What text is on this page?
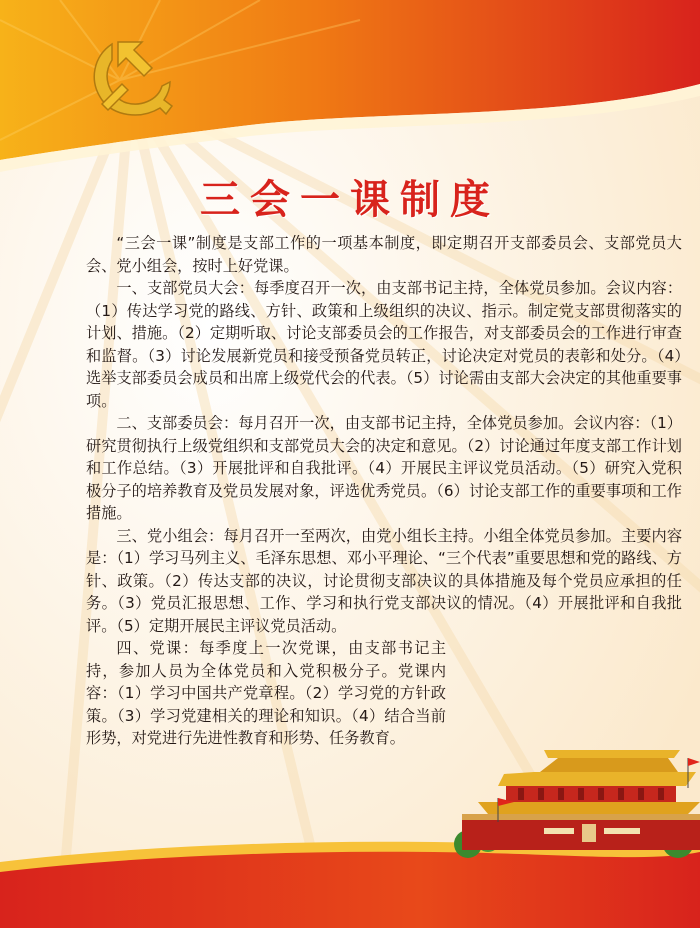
三会一课制度

“三会一课”制度是支部工作的一项基本制度，即定期召开支部委员会、支部党员大会、党小组会，按时上好党课。

一、支部党员大会：每季度召开一次，由支部书记主持，全体党员参加。会议内容：（1）传达学习党的路线、方针、政策和上级组织的决议、指示。制定党支部贯彻落实的计划、措施。（2）定期听取、讨论支部委员会的工作报告，对支部委员会的工作进行审查和监督。（3）讨论发展新党员和接受预备党员转正，讨论决定对党员的表彰和处分。（4）选举支部委员会成员和出席上级党代会的代表。（5）讨论需由支部大会决定的其他重要事项。

二、支部委员会：每月召开一次，由支部书记主持，全体党员参加。会议内容：（1）研究贯彻执行上级党组织和支部党员大会的决定和意见。（2）讨论通过年度支部工作计划和工作总结。（3）开展批评和自我批评。（4）开展民主评议党员活动。（5）研究入党积极分子的培养教育及党员发展对象，评选优秀党员。（6）讨论支部工作的重要事项和工作措施。

三、党小组会：每月召开一至两次，由党小组长主持。小组全体党员参加。主要内容是：（1）学习马列主义、毛泽东思想、邓小平理论、“三个代表”重要思想和党的路线、方针、政策。（2）传达支部的决议，讨论贯彻支部决议的具体措施及每个党员应承担的任务。（3）党员汇报思想、工作、学习和执行党支部决议的情况。（4）开展批评和自我批评。（5）定期开展民主评议党员活动。

四、党课：每季度上一次党课，由支部书记主持，参加人员为全体党员和入党积极分子。党课内容：（1）学习中国共产党章程。（2）学习党的方针政策。（3）学习党建相关的理论和知识。（4）结合当前形势，对党进行先进性教育和形势、任务教育。
